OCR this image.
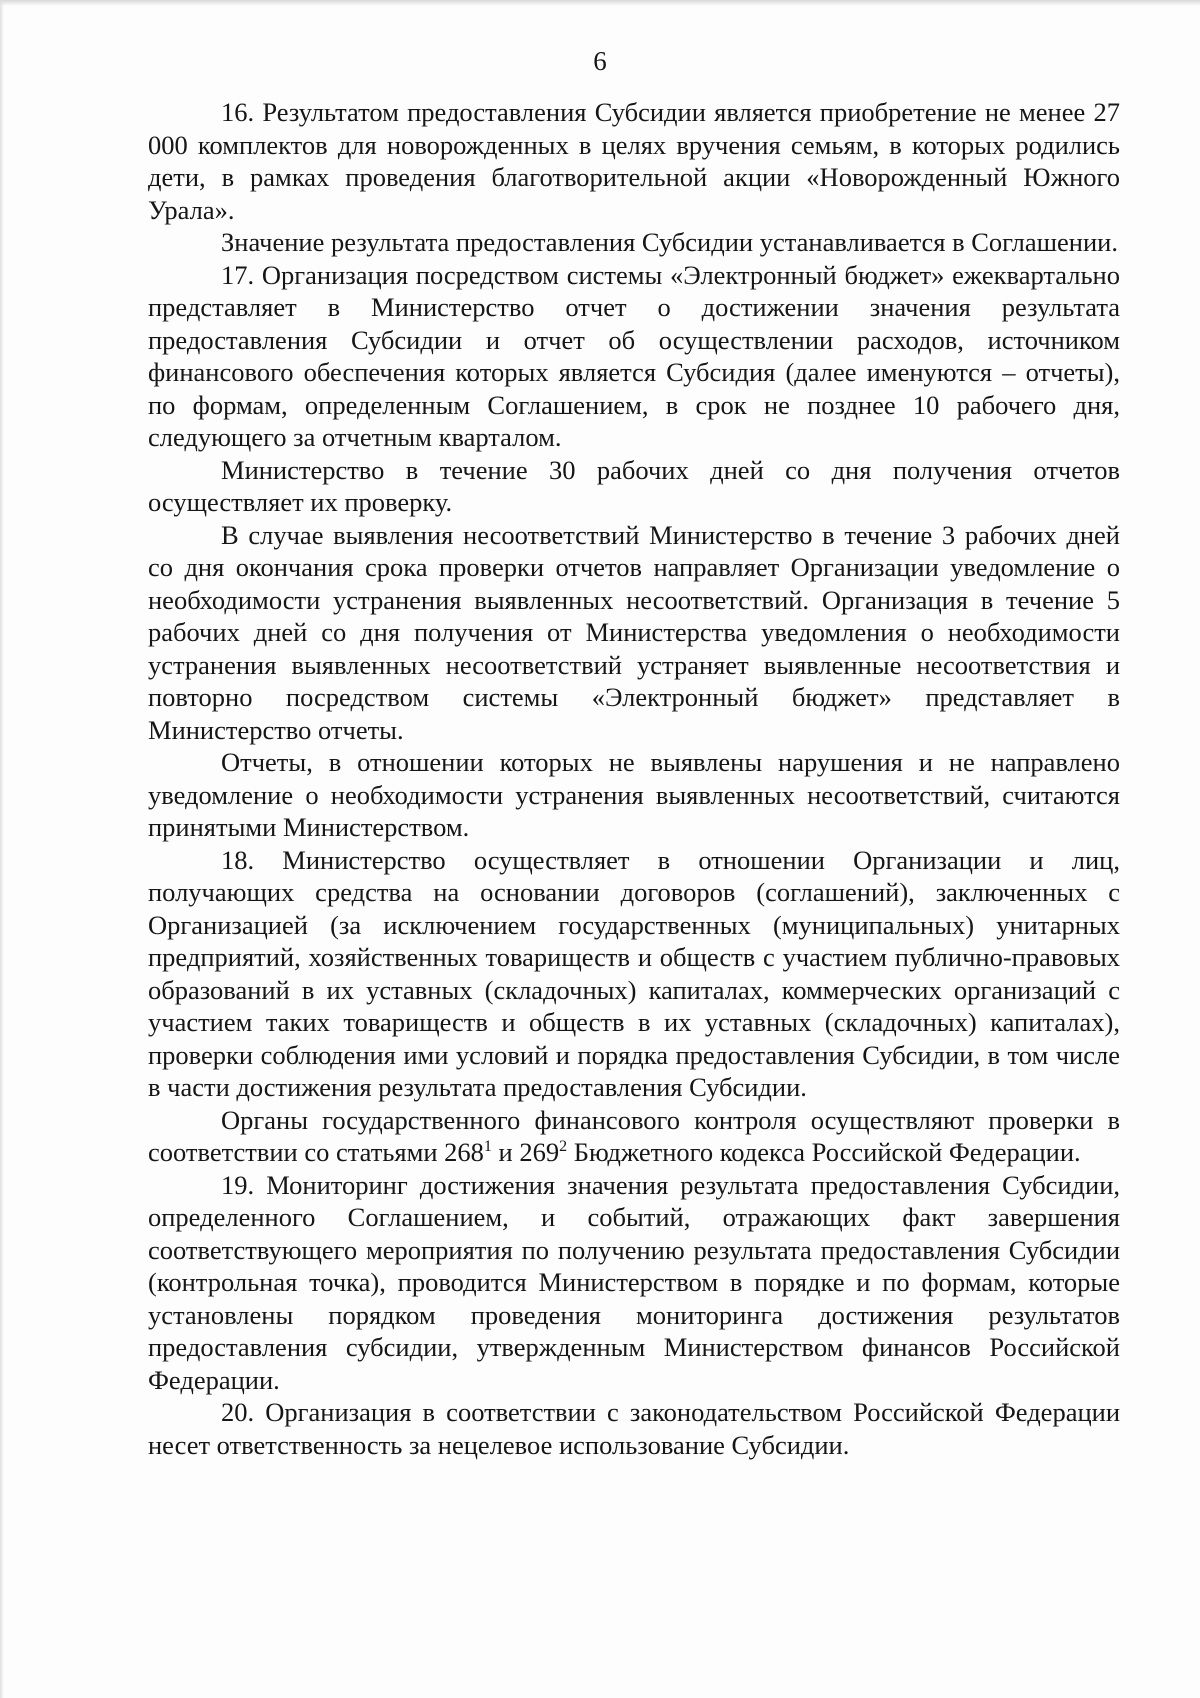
6

16. Результатом предоставления Субсидии является приобретение не менее 27 000 комплектов для новорожденных в целях вручения семьям, в которых родились дети, в рамках проведения благотворительной акции «Новорожденный Южного Урала».

Значение результата предоставления Субсидии устанавливается в Соглашении.

17. Организация посредством системы «Электронный бюджет» ежеквартально представляет в Министерство отчет о достижении значения результата предоставления Субсидии и отчет об осуществлении расходов, источником финансового обеспечения которых является Субсидия (далее именуются – отчеты), по формам, определенным Соглашением, в срок не позднее 10 рабочего дня, следующего за отчетным кварталом.

Министерство в течение 30 рабочих дней со дня получения отчетов осуществляет их проверку.

В случае выявления несоответствий Министерство в течение 3 рабочих дней со дня окончания срока проверки отчетов направляет Организации уведомление о необходимости устранения выявленных несоответствий. Организация в течение 5 рабочих дней со дня получения от Министерства уведомления о необходимости устранения выявленных несоответствий устраняет выявленные несоответствия и повторно посредством системы «Электронный бюджет» представляет в Министерство отчеты.

Отчеты, в отношении которых не выявлены нарушения и не направлено уведомление о необходимости устранения выявленных несоответствий, считаются принятыми Министерством.

18. Министерство осуществляет в отношении Организации и лиц, получающих средства на основании договоров (соглашений), заключенных с Организацией (за исключением государственных (муниципальных) унитарных предприятий, хозяйственных товариществ и обществ с участием публично-правовых образований в их уставных (складочных) капиталах, коммерческих организаций с участием таких товариществ и обществ в их уставных (складочных) капиталах), проверки соблюдения ими условий и порядка предоставления Субсидии, в том числе в части достижения результата предоставления Субсидии.

Органы государственного финансового контроля осуществляют проверки в соответствии со статьями $268^1$ и $269^2$ Бюджетного кодекса Российской Федерации.

19. Мониторинг достижения значения результата предоставления Субсидии, определенного Соглашением, и событий, отражающих факт завершения соответствующего мероприятия по получению результата предоставления Субсидии (контрольная точка), проводится Министерством в порядке и по формам, которые установлены порядком проведения мониторинга достижения результатов предоставления субсидии, утвержденным Министерством финансов Российской Федерации.

20. Организация в соответствии с законодательством Российской Федерации несет ответственность за нецелевое использование Субсидии.
